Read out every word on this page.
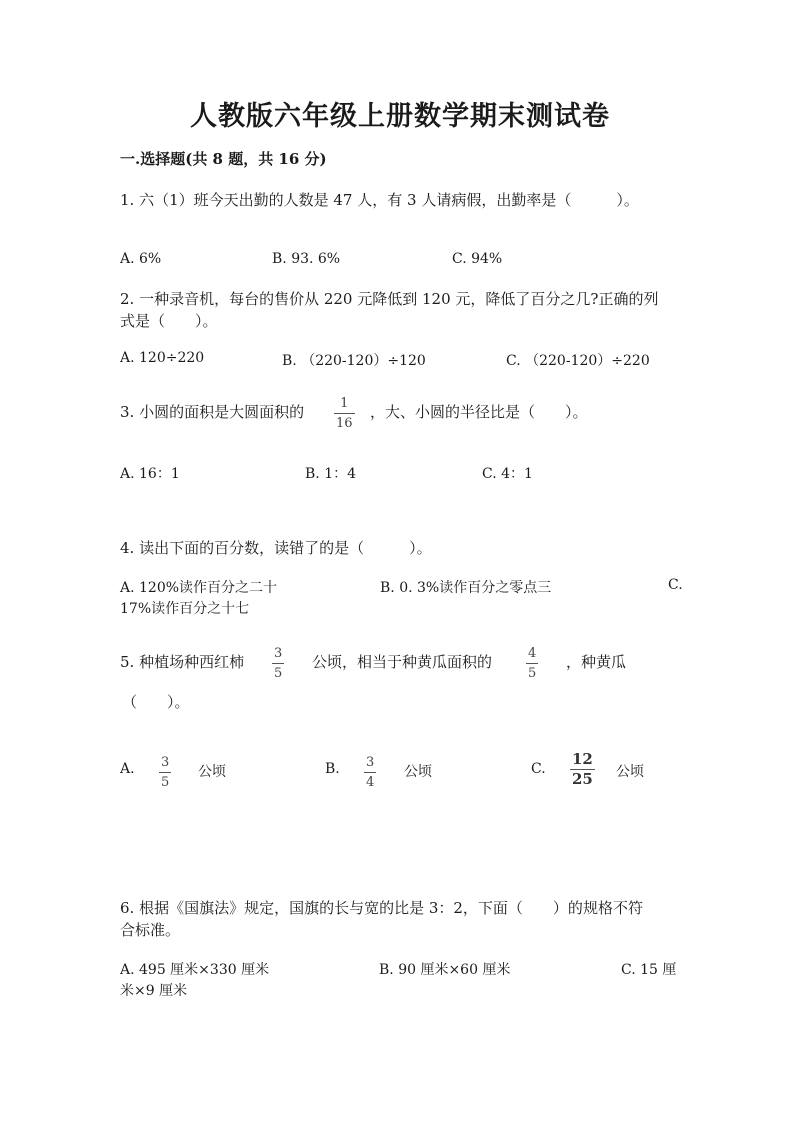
人教版六年级上册数学期末测试卷
一.选择题(共 8 题，共 16 分)
1. 六（1）班今天出勤的人数是 47 人，有 3 人请病假，出勤率是（　　　）。
A. 6%	B. 93. 6%	C. 94%
2. 一种录音机，每台的售价从 220 元降低到 120 元，降低了百分之几?正确的列
式是（　　）。
A. 120÷220	B. （220-120）÷120	C. （220-120）÷220
3. 小圆的面积是大圆面积的	1
16
，大、小圆的半径比是（　　）。
A. 16：1	B. 1：4	C. 4：1
4. 读出下面的百分数，读错了的是（　　　）。
A. 120%读作百分之二十	B. 0. 3%读作百分之零点三	C.
17%读作百分之十七
5. 种植场种西红柿 3
5
公顷，相当于种黄瓜面积的	4
5
，种黄瓜
（　　）。
A. 3
5
公顷	B. 3
4
公顷	C.
12
25 公顷
6. 根据《国旗法》规定，国旗的长与宽的比是 3：2，下面（　　）的规格不符
合标准。
A. 495 厘米×330 厘米	B. 90 厘米×60 厘米	C. 15 厘
米×9 厘米
